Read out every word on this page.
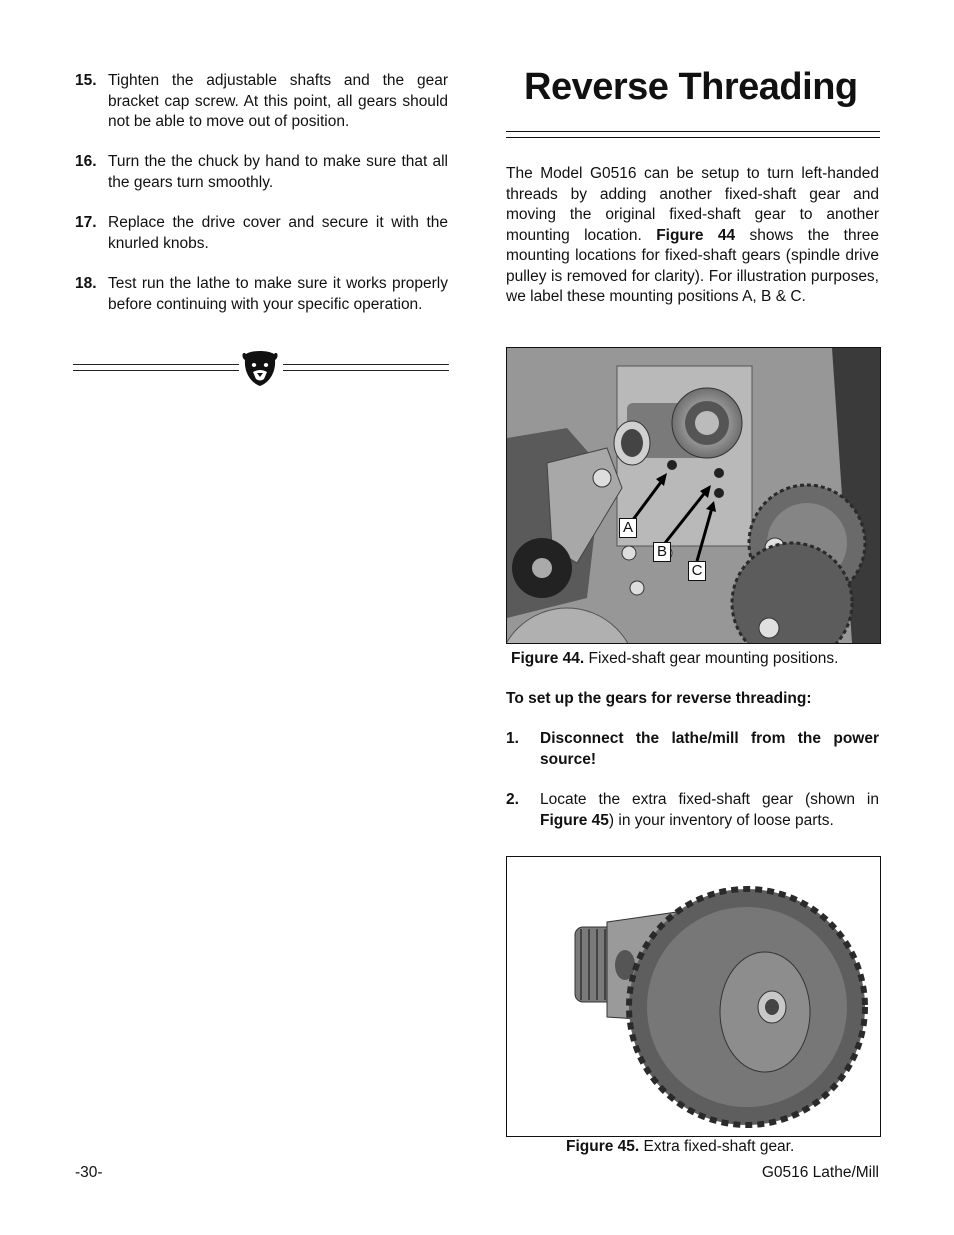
15. Tighten the adjustable shafts and the gear bracket cap screw. At this point, all gears should not be able to move out of position.
16. Turn the the chuck by hand to make sure that all the gears turn smoothly.
17. Replace the drive cover and secure it with the knurled knobs.
18. Test run the lathe to make sure it works properly before continuing with your specific operation.
Reverse Threading
The Model G0516 can be setup to turn left-handed threads by adding another fixed-shaft gear and moving the original fixed-shaft gear to another mounting location. Figure 44 shows the three mounting locations for fixed-shaft gears (spindle drive pulley is removed for clarity). For illustration purposes, we label these mounting positions A, B & C.
A
B
C
Figure 44. Fixed-shaft gear mounting positions.
To set up the gears for reverse threading:
1. Disconnect the lathe/mill from the power source!
2. Locate the extra fixed-shaft gear (shown in Figure 45) in your inventory of loose parts.
Figure 45. Extra fixed-shaft gear.
-30-	G0516 Lathe/Mill
